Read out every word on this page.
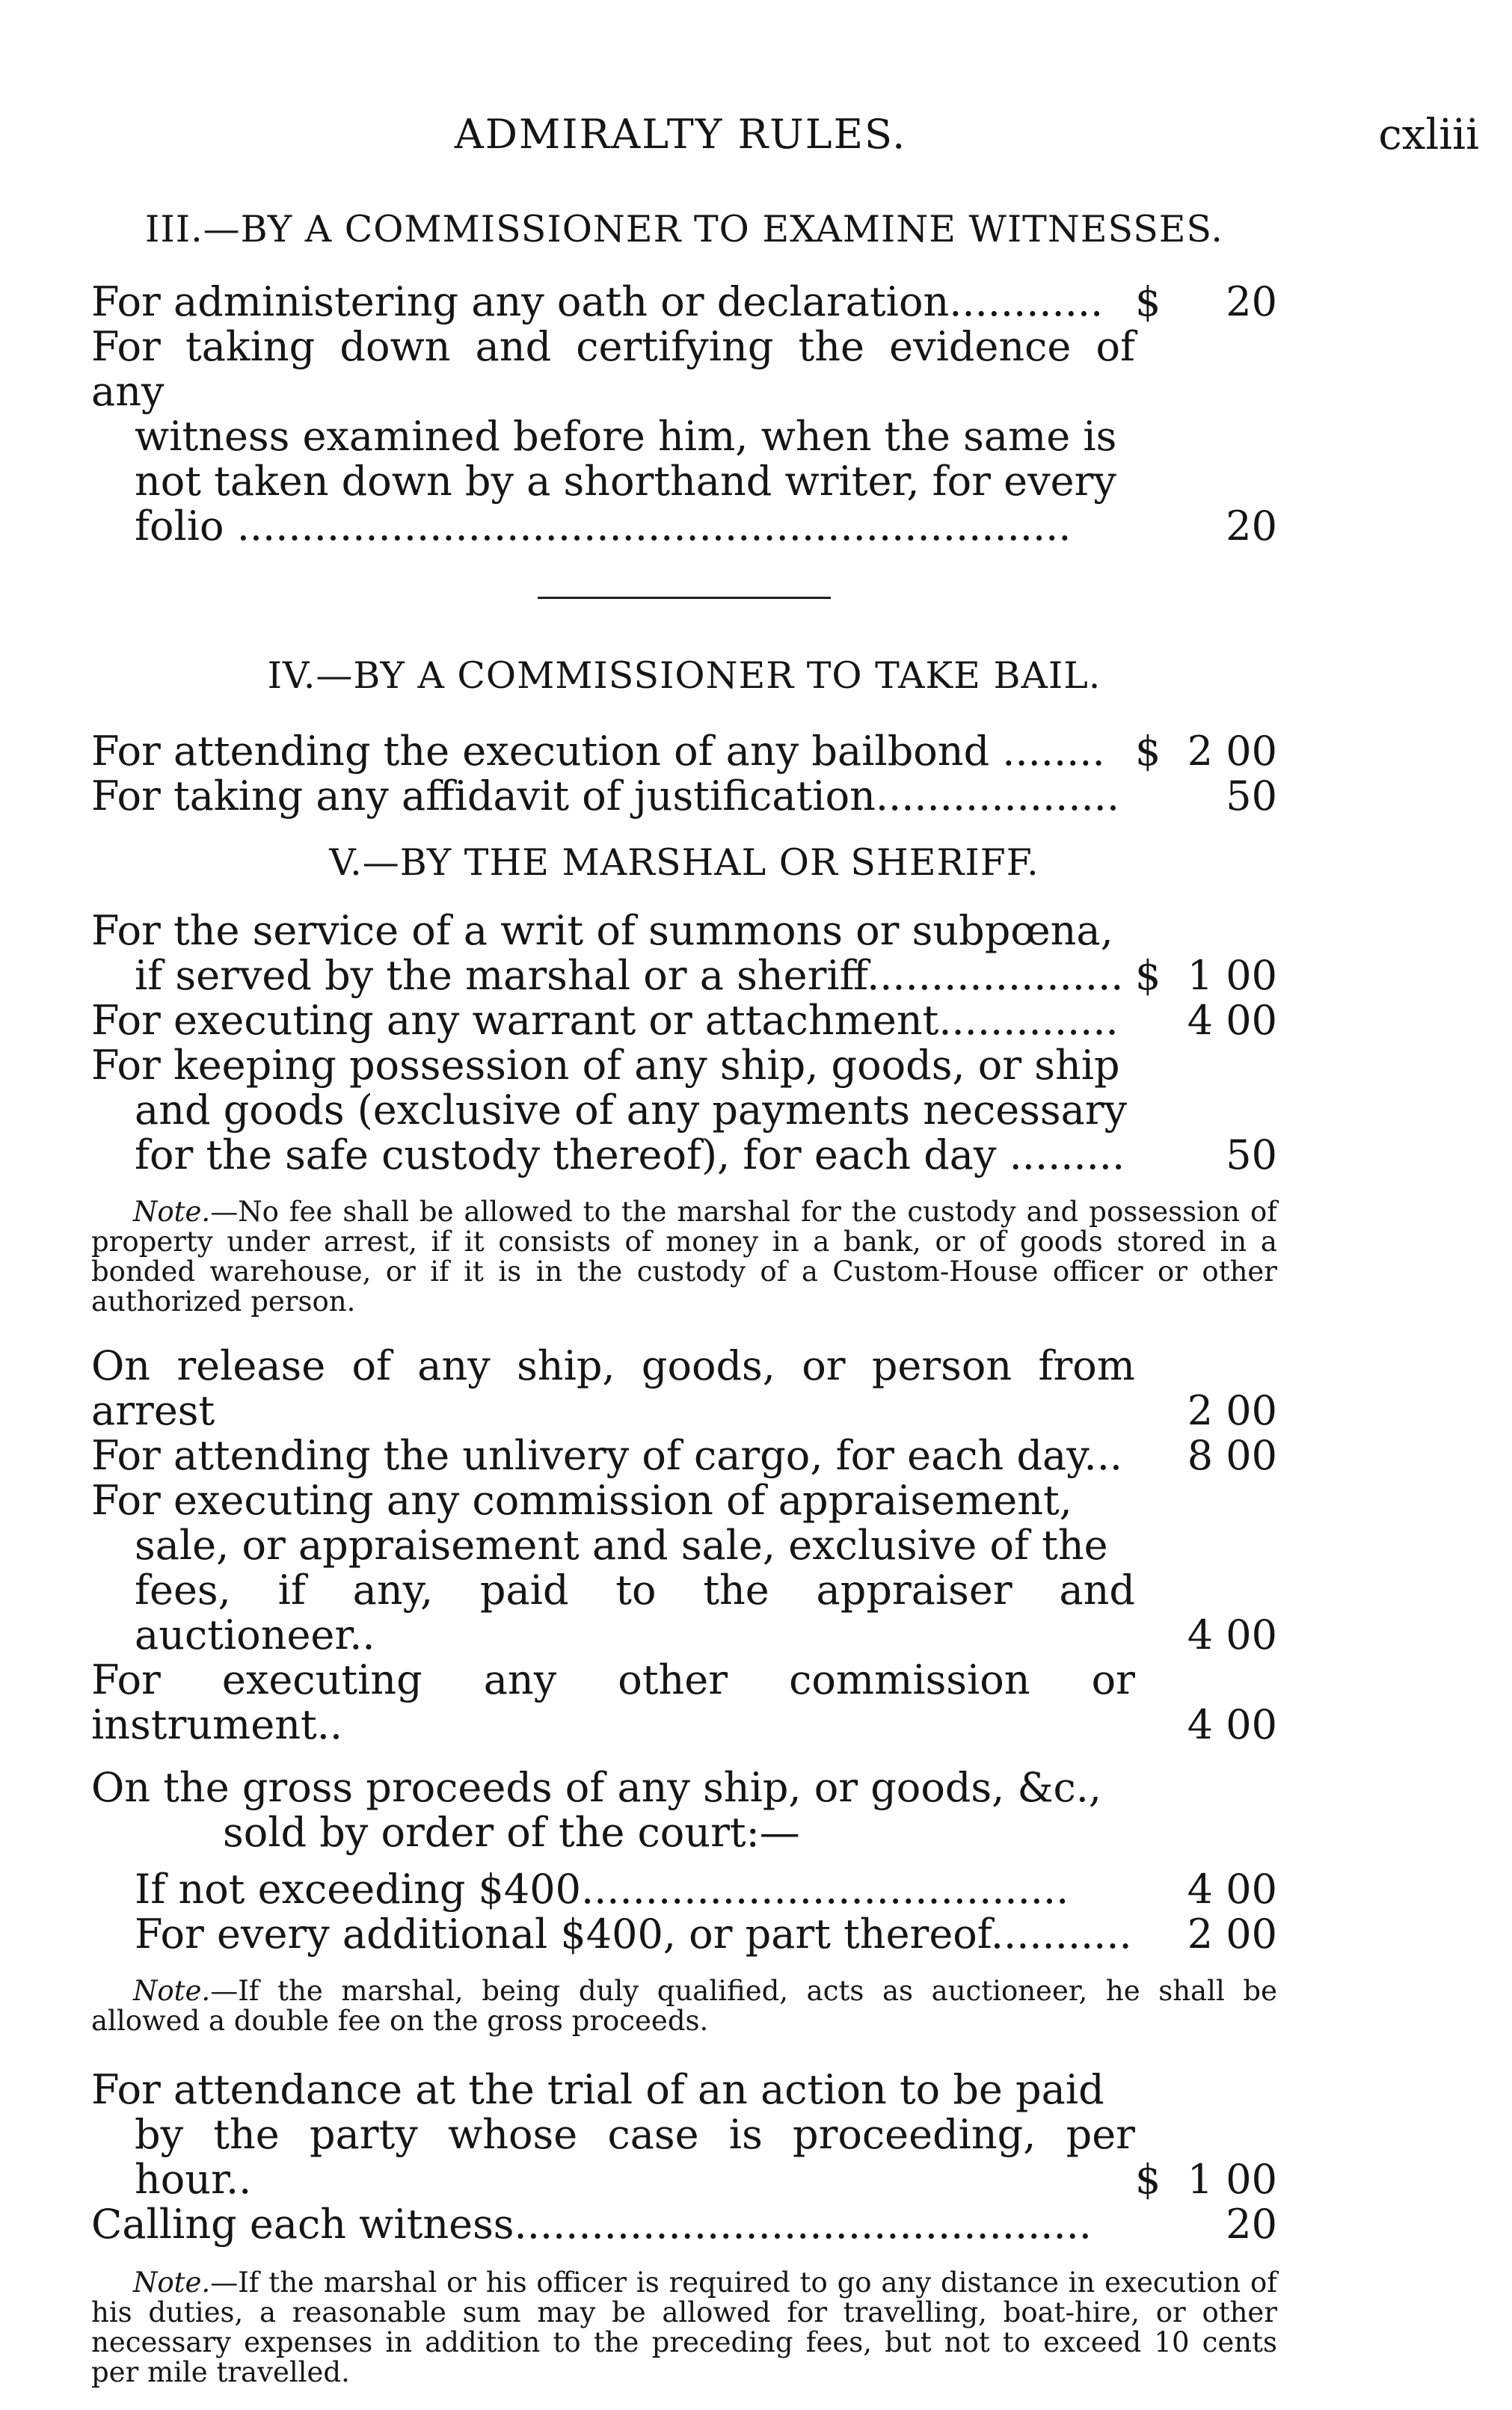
ADMIRALTY RULES.	cxliii

III.—BY A COMMISSIONER TO EXAMINE WITNESSES.

For administering any oath or declaration............ $	20
For taking down and certifying the evidence of any
witness examined before him, when the same is
not taken down by a shorthand writer, for every
folio .................................................................	20

IV.—BY A COMMISSIONER TO TAKE BAIL.

For attending the execution of any bailbond ........ $ 2 00
For taking any affidavit of justification...................	50

V.—BY THE MARSHAL OR SHERIFF.

For the service of a writ of summons or subpœna,
if served by the marshal or a sheriff.................... $ 1 00
For executing any warrant or attachment..............	4 00
For keeping possession of any ship, goods, or ship
and goods (exclusive of any payments necessary
for the safe custody thereof), for each day .........	50

Note.—No fee shall be allowed to the marshal for the custody and possession of property under arrest, if it consists of money in a bank, or of goods stored in a bonded warehouse, or if it is in the custody of a Custom-House officer or other authorized person.

On release of any ship, goods, or person from arrest	2 00
For attending the unlivery of cargo, for each day...	8 00
For executing any commission of appraisement,
sale, or appraisement and sale, exclusive of the
fees, if any, paid to the appraiser and auctioneer..	4 00
For executing any other commission or instrument..	4 00
On the gross proceeds of any ship, or goods, &c.,
sold by order of the court:—
If not exceeding $400......................................	4 00
For every additional $400, or part thereof...........	2 00

Note.—If the marshal, being duly qualified, acts as auctioneer, he shall be allowed a double fee on the gross proceeds.

For attendance at the trial of an action to be paid
by the party whose case is proceeding, per hour..	$ 1 00
Calling each witness.............................................	20

Note.—If the marshal or his officer is required to go any distance in execution of his duties, a reasonable sum may be allowed for travelling, boat-hire, or other necessary expenses in addition to the preceding fees, but not to exceed 10 cents per mile travelled.
